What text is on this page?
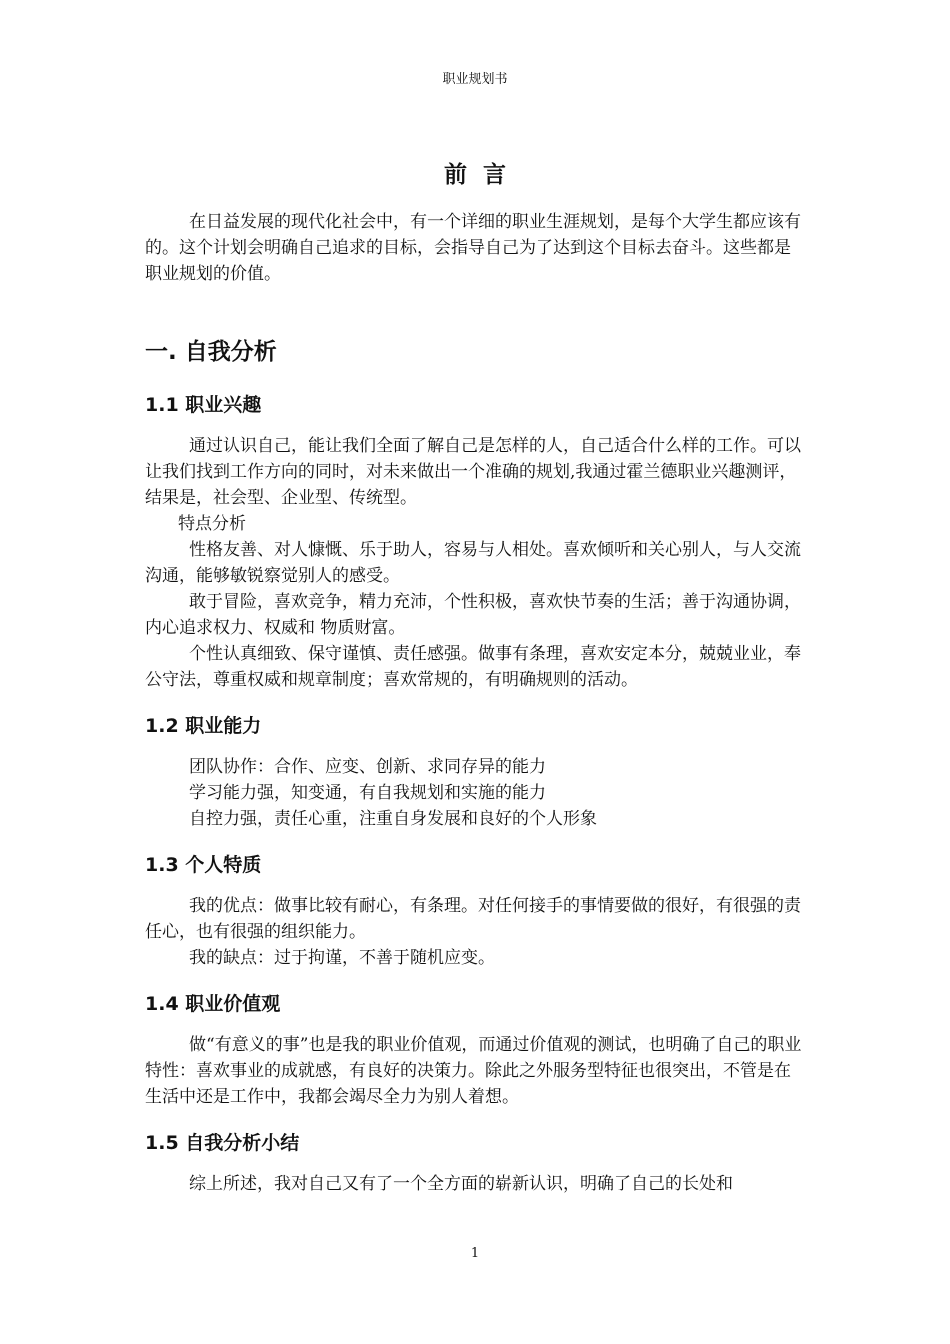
职业规划书
前言

在日益发展的现代化社会中，有一个详细的职业生涯规划，是每个大学生都应该有的。这个计划会明确自己追求的目标，会指导自己为了达到这个目标去奋斗。这些都是职业规划的价值。

一. 自我分析
1.1 职业兴趣

通过认识自己，能让我们全面了解自己是怎样的人，自己适合什么样的工作。可以让我们找到工作方向的同时，对未来做出一个准确的规划,我通过霍兰德职业兴趣测评，结果是，社会型、企业型、传统型。

特点分析

性格友善、对人慷慨、乐于助人，容易与人相处。喜欢倾听和关心别人，与人交流沟通，能够敏锐察觉别人的感受。

敢于冒险，喜欢竞争，精力充沛，个性积极，喜欢快节奏的生活；善于沟通协调，内心追求权力、权威和 物质财富。

个性认真细致、保守谨慎、责任感强。做事有条理，喜欢安定本分，兢兢业业，奉公守法，尊重权威和规章制度；喜欢常规的，有明确规则的活动。

1.2 职业能力

团队协作：合作、应变、创新、求同存异的能力

学习能力强，知变通，有自我规划和实施的能力

自控力强，责任心重，注重自身发展和良好的个人形象

1.3 个人特质

我的优点：做事比较有耐心，有条理。对任何接手的事情要做的很好，有很强的责任心，也有很强的组织能力。

我的缺点：过于拘谨，不善于随机应变。

1.4 职业价值观

做“有意义的事”也是我的职业价值观，而通过价值观的测试，也明确了自己的职业特性：喜欢事业的成就感，有良好的决策力。除此之外服务型特征也很突出，不管是在生活中还是工作中，我都会竭尽全力为别人着想。

1.5 自我分析小结

综上所述，我对自己又有了一个全方面的崭新认识，明确了自己的长处和

1
